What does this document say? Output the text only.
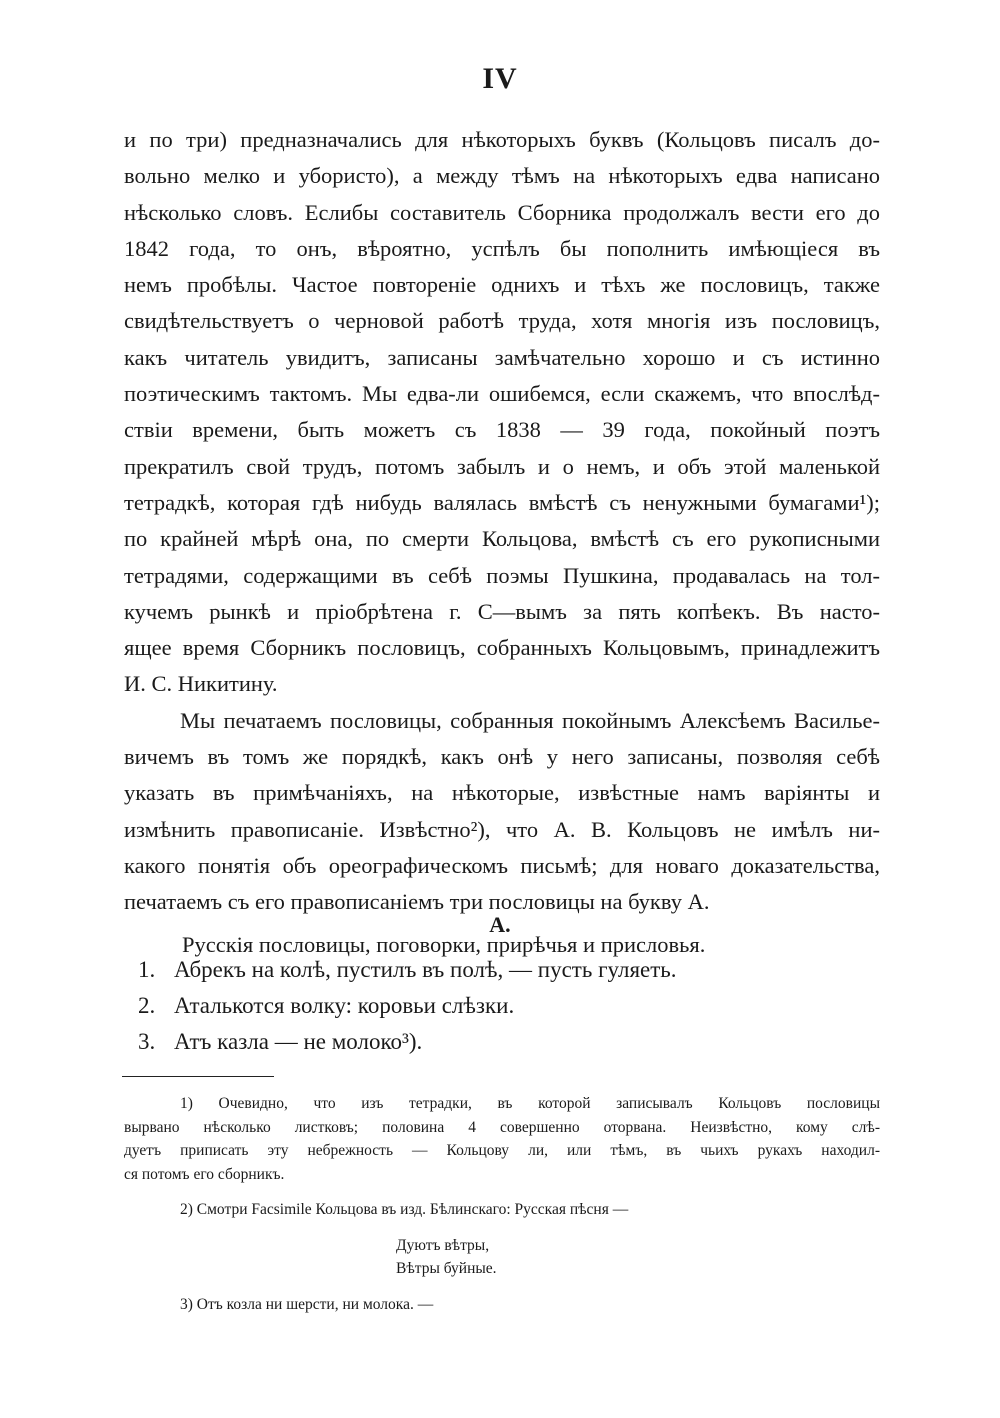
IV
и по три) предназначались для нѣкоторыхъ буквъ (Кольцовъ писалъ до-
вольно мелко и убористо), а между тѣмъ на нѣкоторыхъ едва написано
нѣсколько словъ. Еслибы составитель Сборника продолжалъ вести его до
1842 года, то онъ, вѣроятно, успѣлъ бы пополнить имѣющіеся въ
немъ пробѣлы. Частое повтореніе однихъ и тѣхъ же пословицъ, также
свидѣтельствуетъ о черновой работѣ труда, хотя многія изъ пословицъ,
какъ читатель увидитъ, записаны замѣчательно хорошо и съ истинно
поэтическимъ тактомъ. Мы едва-ли ошибемся, если скажемъ, что впослѣд-
ствіи времени, быть можетъ съ 1838 — 39 года, покойный поэтъ
прекратилъ свой трудъ, потомъ забылъ и о немъ, и объ этой маленькой
тетрадкѣ, которая гдѣ нибудь валялась вмѣстѣ съ ненужными бумагами¹);
по крайней мѣрѣ она, по смерти Кольцова, вмѣстѣ съ его рукописными
тетрадями, содержащими въ себѣ поэмы Пушкина, продавалась на тол-
кучемъ рынкѣ и пріобрѣтена г. С—вымъ за пять копѣекъ. Въ насто-
ящее время Сборникъ пословицъ, собранныхъ Кольцовымъ, принадлежитъ
И. С. Никитину.
Мы печатаемъ пословицы, собранныя покойнымъ Алексѣемъ Василье-
вичемъ въ томъ же порядкѣ, какъ онѣ у него записаны, позволяя себѣ
указать въ примѣчаніяхъ, на нѣкоторые, извѣстные намъ варіянты и
измѣнить правописаніе. Извѣстно²), что А. В. Кольцовъ не имѣлъ ни-
какого понятія объ ореографическомъ письмѣ; для новаго доказательства,
печатаемъ съ его правописаніемъ три пословицы на букву А.
Русскія пословицы, поговорки, прирѣчья и присловья.
А.
1. Абрекъ на колѣ, пустилъ въ полѣ, — пусть гуляеть.
2. Аталькотся волку: коровьи слѣзки.
3. Атъ казла — не молоко³).
1) Очевидно, что изъ тетрадки, въ которой записывалъ Кольцовъ пословицы
вырвано нѣсколько листковъ; половина 4 совершенно оторвана. Неизвѣстно, кому слѣ-
дуетъ приписать эту небрежность — Кольцову ли, или тѣмъ, въ чьихъ рукахъ находил-
ся потомъ его сборникъ.
2) Смотри Facsimile Кольцова въ изд. Бѣлинскаго: Русская пѣсня —
Дуютъ вѣтры,
Вѣтры буйные.
3) Отъ козла ни шерсти, ни молока. —
